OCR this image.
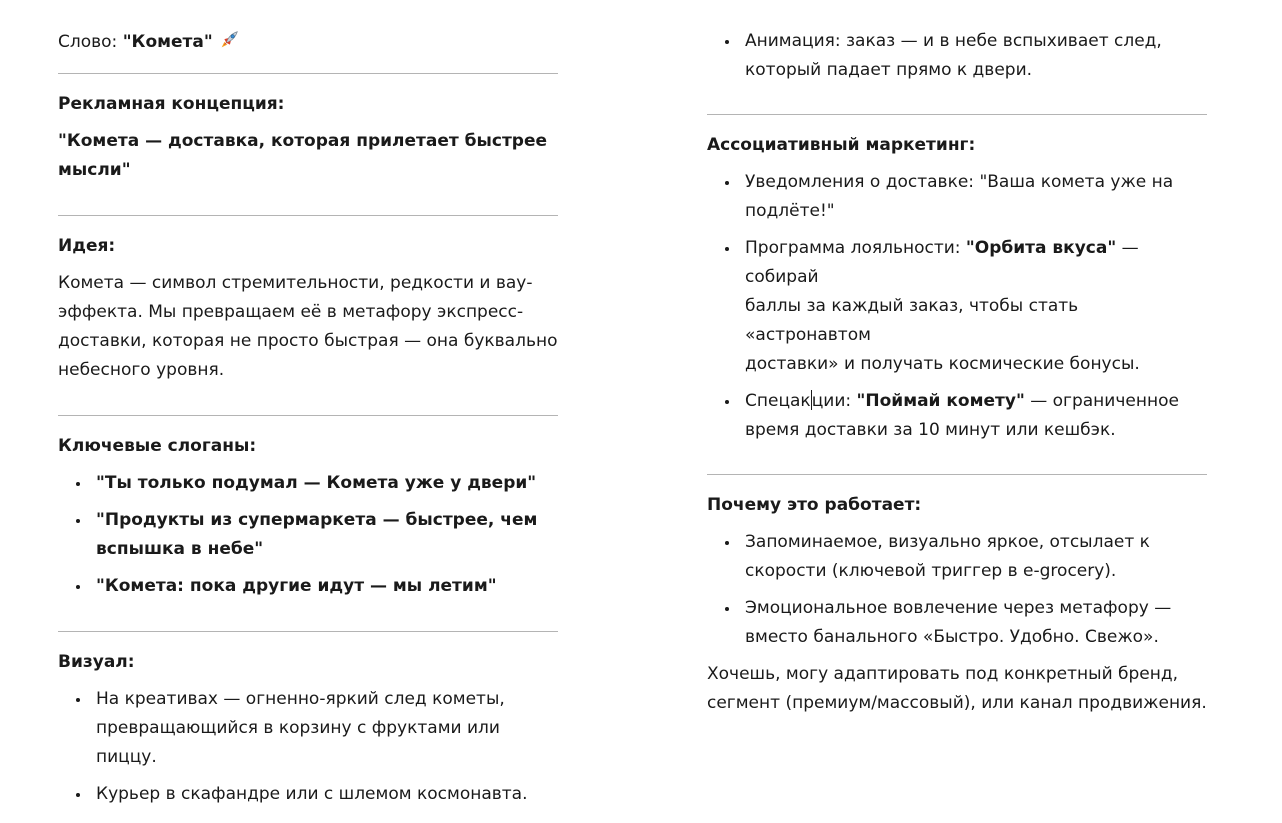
Слово: "Комета"

Рекламная концепция:

"Комета — доставка, которая прилетает быстрее
мысли"

Идея:

Комета — символ стремительности, редкости и вау-
эффекта. Мы превращаем её в метафору экспресс-
доставки, которая не просто быстрая — она буквально
небесного уровня.

Ключевые слоганы:

"Ты только подумал — Комета уже у двери"
"Продукты из супермаркета — быстрее, чем
вспышка в небе"
"Комета: пока другие идут — мы летим"

Визуал:

На креативах — огненно-яркий след кометы,
превращающийся в корзину с фруктами или пиццу.
Курьер в скафандре или с шлемом космонавта.
Анимация: заказ — и в небе вспыхивает след,
который падает прямо к двери.

Ассоциативный маркетинг:

Уведомления о доставке: "Ваша комета уже на
подлёте!"
Программа лояльности: "Орбита вкуса" — собирай
баллы за каждый заказ, чтобы стать «астронавтом
доставки» и получать космические бонусы.
Спецакции: "Поймай комету" — ограниченное
время доставки за 10 минут или кешбэк.

Почему это работает:

Запоминаемое, визуально яркое, отсылает к
скорости (ключевой триггер в e-grocery).
Эмоциональное вовлечение через метафору —
вместо банального «Быстро. Удобно. Свежо».

Хочешь, могу адаптировать под конкретный бренд,
сегмент (премиум/массовый), или канал продвижения.
